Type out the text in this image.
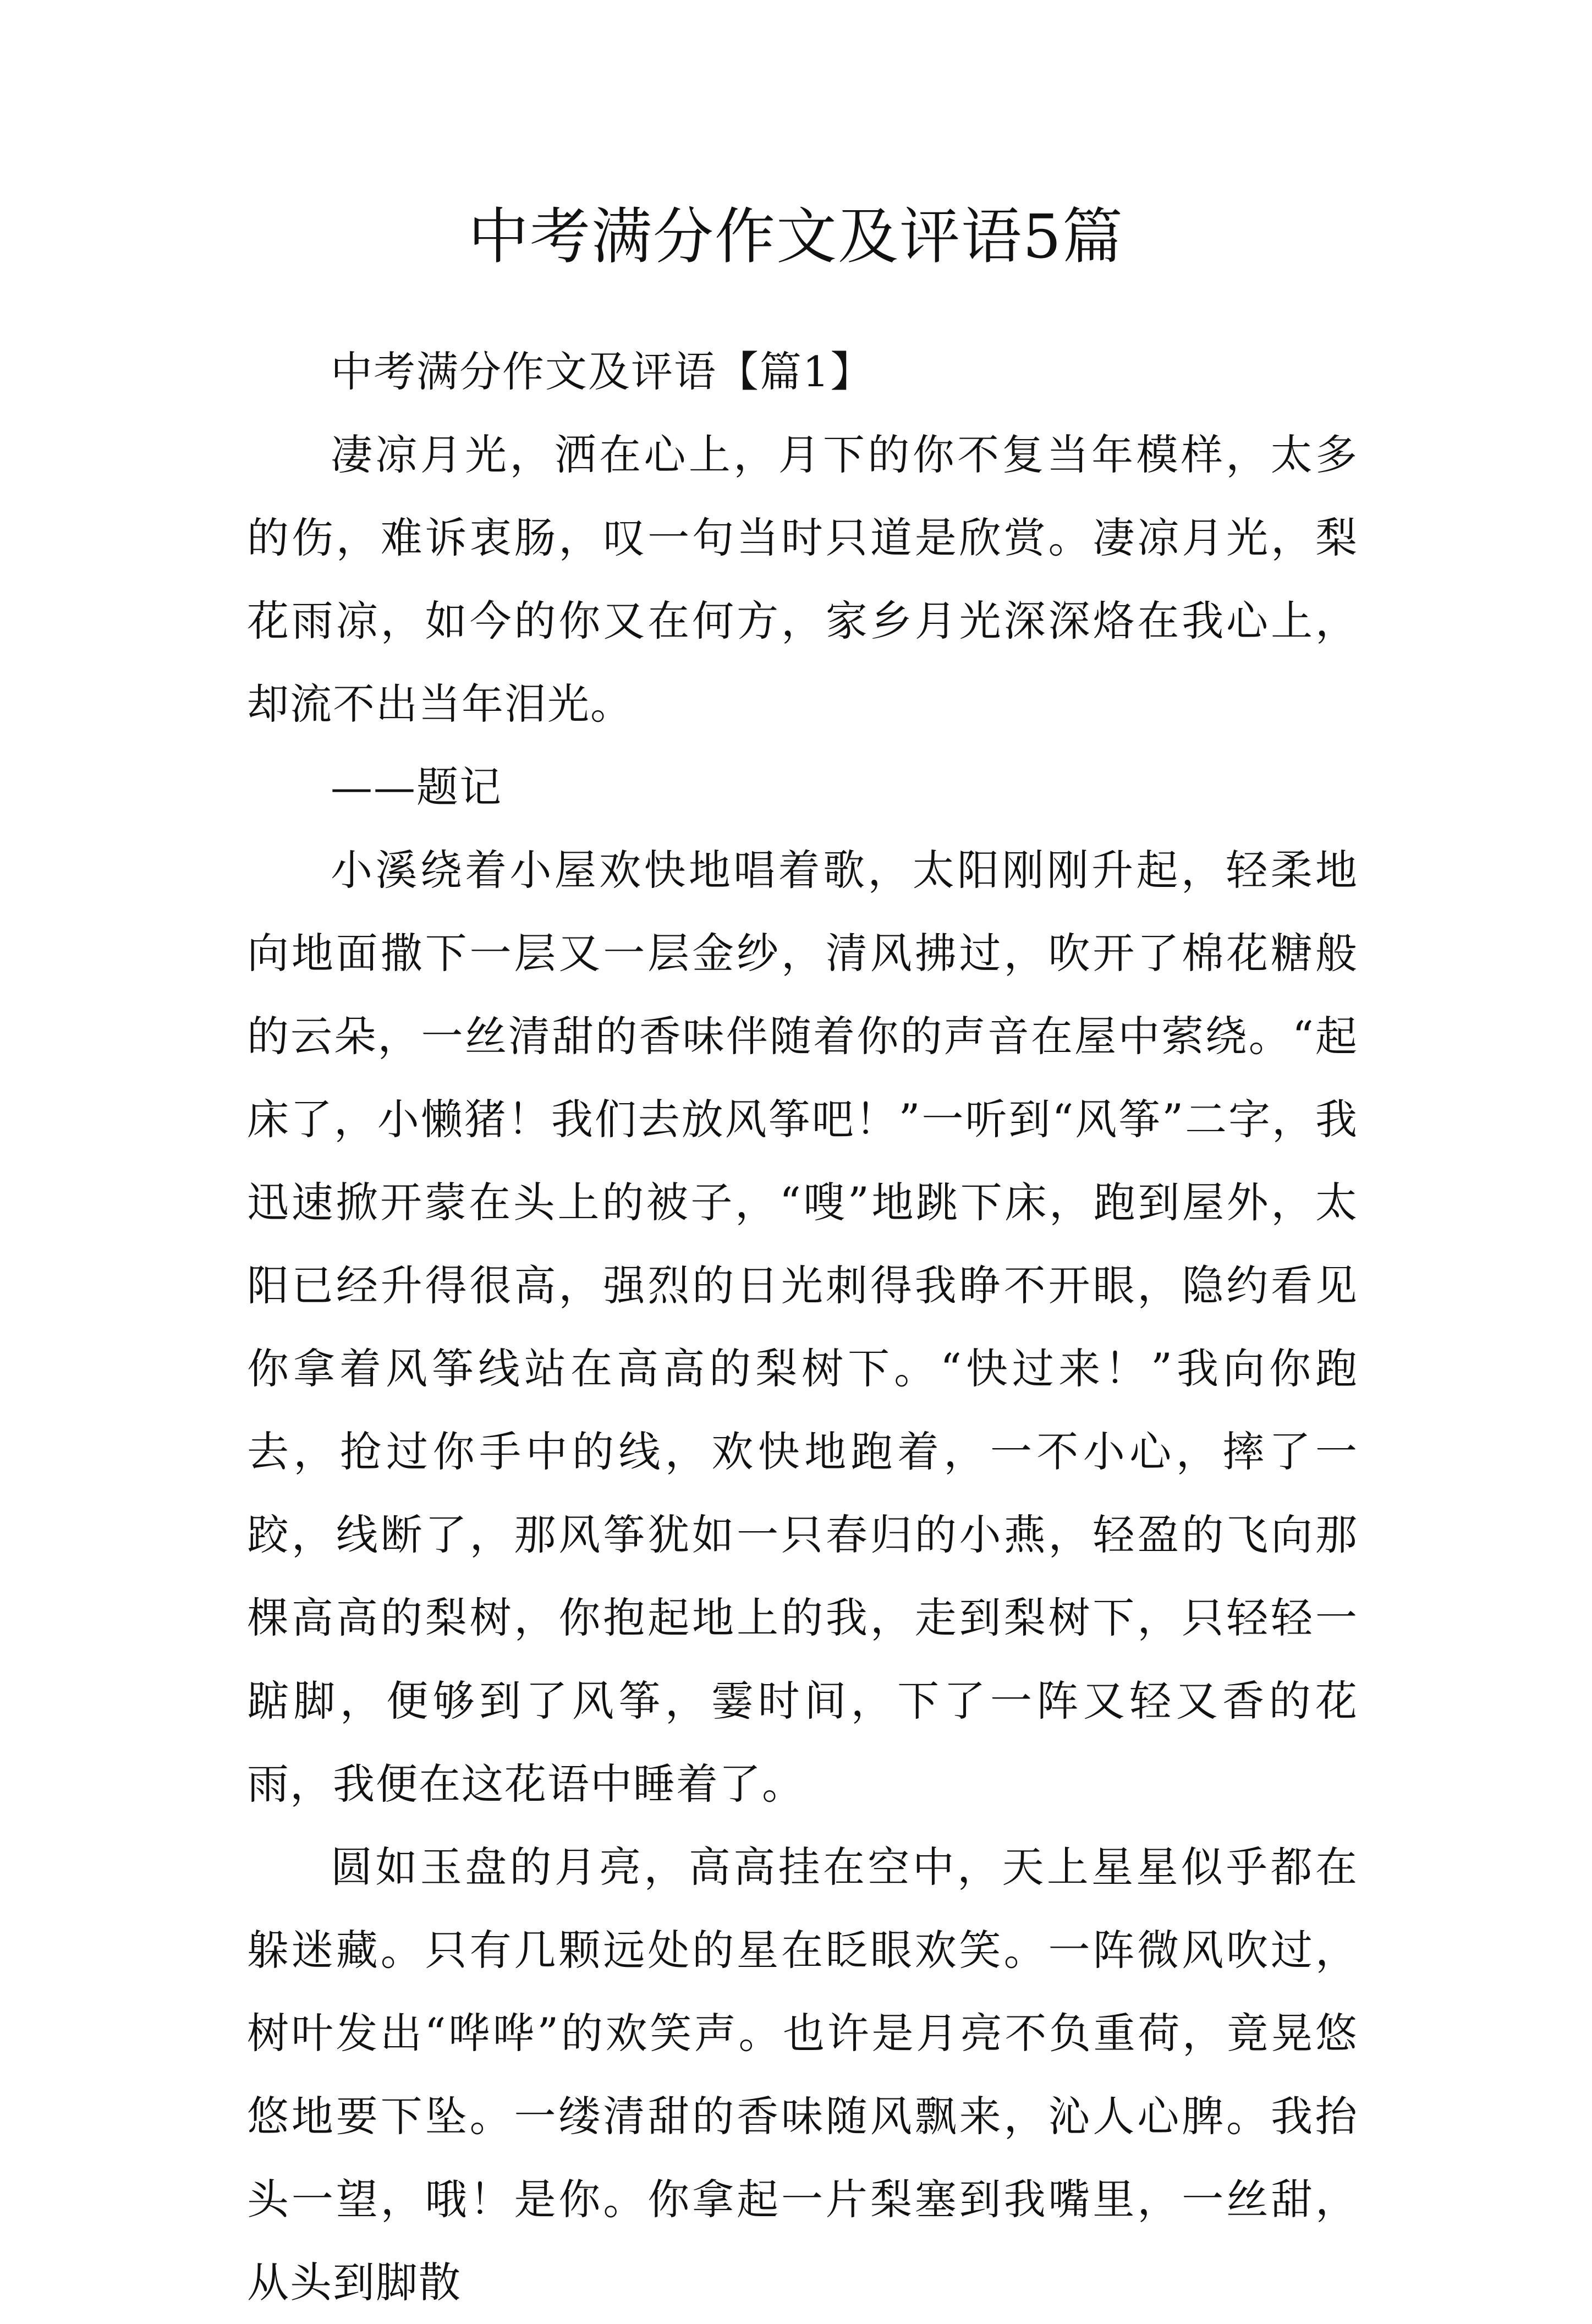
中考满分作文及评语5篇

中考满分作文及评语【篇1】

凄凉月光，洒在心上，月下的你不复当年模样，太多的伤，难诉衷肠，叹一句当时只道是欣赏。凄凉月光，梨花雨凉，如今的你又在何方，家乡月光深深烙在我心上，却流不出当年泪光。

——题记

小溪绕着小屋欢快地唱着歌，太阳刚刚升起，轻柔地向地面撒下一层又一层金纱，清风拂过，吹开了棉花糖般的云朵，一丝清甜的香味伴随着你的声音在屋中萦绕。“起床了，小懒猪！我们去放风筝吧！”一听到“风筝”二字，我迅速掀开蒙在头上的被子，“嗖”地跳下床，跑到屋外，太阳已经升得很高，强烈的日光刺得我睁不开眼，隐约看见你拿着风筝线站在高高的梨树下。“快过来！”我向你跑去，抢过你手中的线，欢快地跑着，一不小心，摔了一跤，线断了，那风筝犹如一只春归的小燕，轻盈的飞向那棵高高的梨树，你抱起地上的我，走到梨树下，只轻轻一踮脚，便够到了风筝，霎时间，下了一阵又轻又香的花雨，我便在这花语中睡着了。

圆如玉盘的月亮，高高挂在空中，天上星星似乎都在躲迷藏。只有几颗远处的星在眨眼欢笑。一阵微风吹过，树叶发出“哗哗”的欢笑声。也许是月亮不负重荷，竟晃悠悠地要下坠。一缕清甜的香味随风飘来，沁人心脾。我抬头一望，哦！是你。你拿起一片梨塞到我嘴里，一丝甜，从头到脚散
